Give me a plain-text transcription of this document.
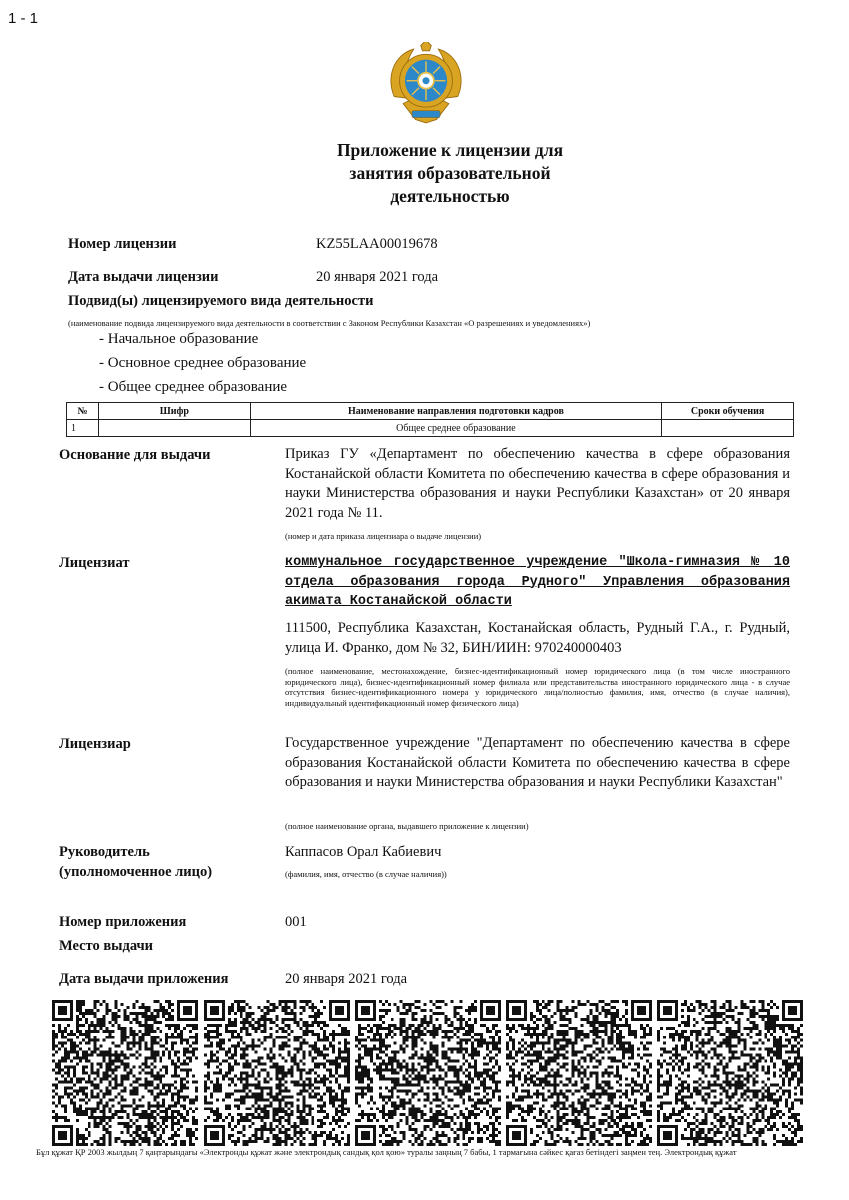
1 - 1
Приложение к лицензии для
занятия образовательной
деятельностью
Номер лицензии	KZ55LAA00019678
Дата выдачи лицензии	20 января 2021 года
Подвид(ы) лицензируемого вида деятельности
(наименование подвида лицензируемого вида деятельности в соответствии с Законом Республики Казахстан «О разрешениях и уведомлениях»)
- Начальное образование
- Основное среднее образование
- Общее среднее образование
№	Шифр	Наименование направления подготовки кадров	Сроки обучения
1		Общее среднее образование	
Основание для выдачи	Приказ ГУ «Департамент по обеспечению качества в сфере образования Костанайской области Комитета по обеспечению качества в сфере образования и науки Министерства образования и науки Республики Казахстан» от 20 января 2021 года № 11.
(номер и дата приказа лицензиара о выдаче лицензии)
Лицензиат	коммунальное государственное учреждение "Школа-гимназия № 10 отдела образования города Рудного" Управления образования акимата Костанайской области
111500, Республика Казахстан, Костанайская область, Рудный Г.А., г. Рудный, улица И. Франко, дом № 32, БИН/ИИН: 970240000403
(полное наименование, местонахождение, бизнес-идентификационный номер юридического лица (в том числе иностранного юридического лица), бизнес-идентификационный номер филиала или представительства иностранного юридического лица - в случае отсутствия бизнес-идентификационного номера у юридического лица/полностью фамилия, имя, отчество (в случае наличия), индивидуальный идентификационный номер физического лица)
Лицензиар	Государственное учреждение "Департамент по обеспечению качества в сфере образования Костанайской области Комитета по обеспечению качества в сфере образования и науки Министерства образования и науки Республики Казахстан"
(полное наименование органа, выдавшего приложение к лицензии)
Руководитель
(уполномоченное лицо)
Каппасов Орал Кабиевич
(фамилия, имя, отчество (в случае наличия))
Номер приложения	001
Место выдачи
Дата выдачи приложения	20 января 2021 года
Бұл құжат ҚР 2003 жылдың 7 қаңтарындағы «Электронды құжат және электрондық сандық қол қою» туралы заңның 7 бабы, 1 тармағына сәйкес қағаз бетіндегі заңмен тең. Электрондық құжат
